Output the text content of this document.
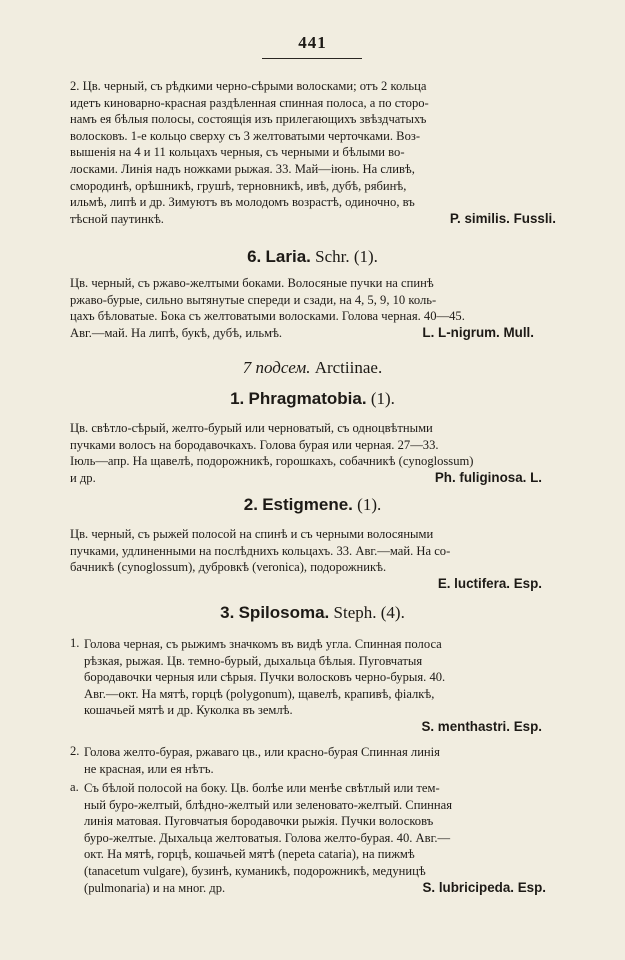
441
2. Цв. черный, съ рѣдкими черно-сѣрыми волосками; отъ 2 кольца
идетъ киноварно-красная раздѣленная спинная полоса, а по сторо-
намъ ея бѣлыя полосы, состоящія изъ прилегающихъ звѣздчатыхъ
волосковъ. 1-е кольцо сверху съ 3 желтоватыми черточками. Воз-
вышенія на 4 и 11 кольцахъ черныя, съ черными и бѣлыми во-
лосками. Линія надъ ножками рыжая. 33. Май—іюнь. На сливѣ,
смородинѣ, орѣшникѣ, грушѣ, терновникѣ, ивѣ, дубѣ, рябинѣ,
ильмѣ, липѣ и др. Зимуютъ въ молодомъ возрастѣ, одиночно, въ
тѣсной паутинкѣ.	P. similis. Fussli.
6. Laria. Schr. (1).
Цв. черный, съ ржаво-желтыми боками. Волосяные пучки на спинѣ
ржаво-бурые, сильно вытянутые спереди и сзади, на 4, 5, 9, 10 коль-
цахъ бѣловатые. Бока съ желтоватыми волосками. Голова черная. 40—45.
Авг.—май. На липѣ, букѣ, дубѣ, ильмѣ.	L. L-nigrum. Mull.
7 подсем. Arctiinae.
1. Phragmatobia. (1).
Цв. свѣтло-сѣрый, желто-бурый или черноватый, съ одноцвѣтными
пучками волосъ на бородавочкахъ. Голова бурая или черная. 27—33.
Іюль—апр. На щавелѣ, подорожникѣ, горошкахъ, собачникѣ (cynoglossum)
и др.	Ph. fuliginosa. L.
2. Estigmene. (1).
Цв. черный, съ рыжей полосой на спинѣ и съ черными волосяными
пучками, удлиненными на послѣднихъ кольцахъ. 33. Авг.—май. На со-
бачникѣ (cynoglossum), дубровкѣ (veronica), подорожникѣ.
E. luctifera. Esp.
3. Spilosoma. Steph. (4).
1. Голова черная, съ рыжимъ значкомъ въ видѣ угла. Спинная полоса
рѣзкая, рыжая. Цв. темно-бурый, дыхальца бѣлыя. Пуговчатыя
бородавочки черныя или сѣрыя. Пучки волосковъ черно-бурыя. 40.
Авг.—окт. На мятѣ, горцѣ (polygonum), щавелѣ, крапивѣ, фіалкѣ,
кошачьей мятѣ и др. Куколка въ землѣ.
S. menthastri. Esp.
2. Голова желто-бурая, ржаваго цв., или красно-бурая Спинная линія
не красная, или ея нѣтъ.
а. Съ бѣлой полосой на боку. Цв. болѣе или менѣе свѣтлый или тем-
ный буро-желтый, блѣдно-желтый или зеленовато-желтый. Спинная
линія матовая. Пуговчатыя бородавочки рыжія. Пучки волосковъ
буро-желтые. Дыхальца желтоватыя. Голова желто-бурая. 40. Авг.—
окт. На мятѣ, горцѣ, кошачьей мятѣ (nepeta cataria), на пижмѣ
(tanacetum vulgare), бузинѣ, куманикѣ, подорожникѣ, медуницѣ
(pulmonaria) и на мног. др.	S. lubricipeda. Esp.
